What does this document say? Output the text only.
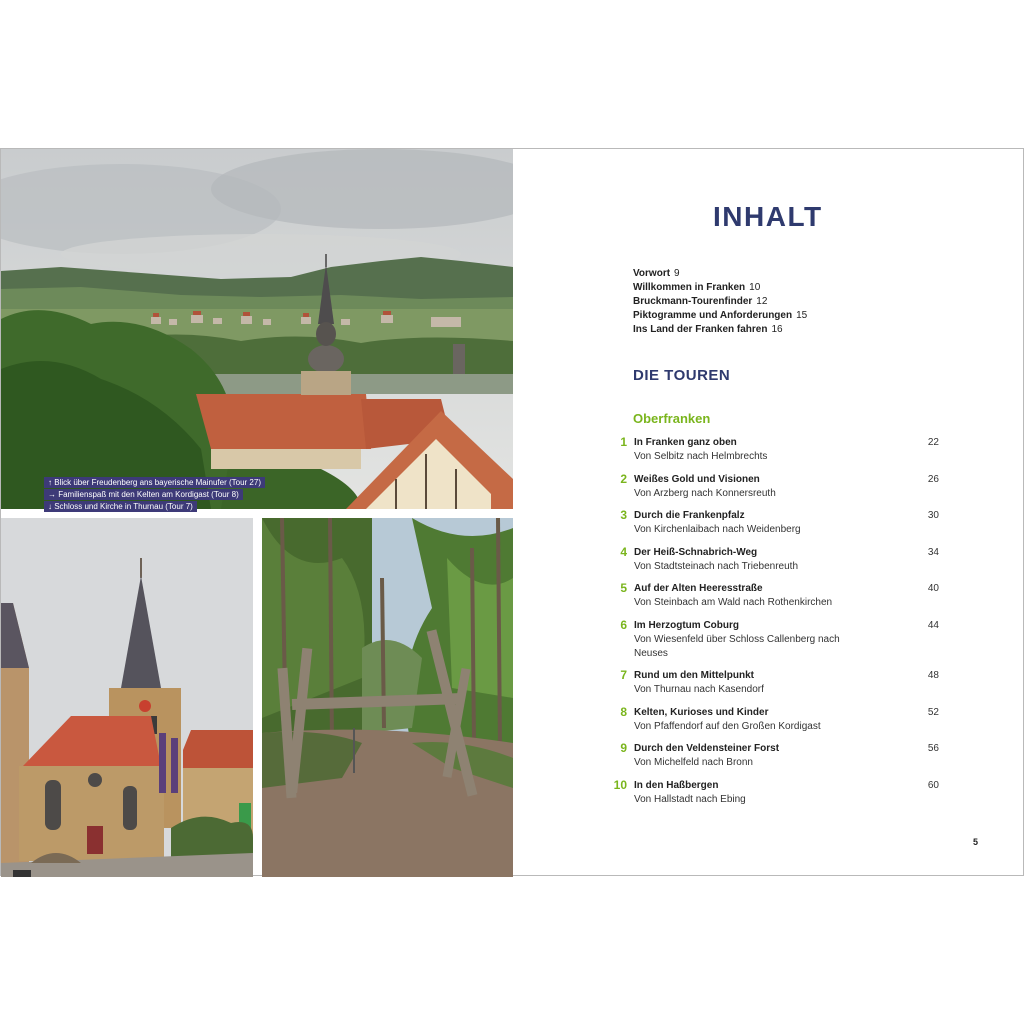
↑ Blick über Freudenberg ans bayerische Mainufer (Tour 27)
→ Familienspaß mit den Kelten am Kordigast (Tour 8)
↓ Schloss und Kirche in Thurnau (Tour 7)
INHALT
Vorwort 9
Willkommen in Franken 10
Bruckmann-Tourenfinder 12
Piktogramme und Anforderungen 15
Ins Land der Franken fahren 16
DIE TOUREN
Oberfranken
1 In Franken ganz oben
Von Selbitz nach Helmbrechts
22
2 Weißes Gold und Visionen
Von Arzberg nach Konnersreuth
26
3 Durch die Frankenpfalz
Von Kirchenlaibach nach Weidenberg
30
4 Der Heiß-Schnabrich-Weg
Von Stadtsteinach nach Triebenreuth
34
5 Auf der Alten Heeresstraße
Von Steinbach am Wald nach Rothenkirchen
40
6 Im Herzogtum Coburg
Von Wiesenfeld über Schloss Callenberg nach Neuses
44
7 Rund um den Mittelpunkt
Von Thurnau nach Kasendorf
48
8 Kelten, Kurioses und Kinder
Von Pfaffendorf auf den Großen Kordigast
52
9 Durch den Veldensteiner Forst
Von Michelfeld nach Bronn
56
10 In den Haßbergen
Von Hallstadt nach Ebing
60
5
